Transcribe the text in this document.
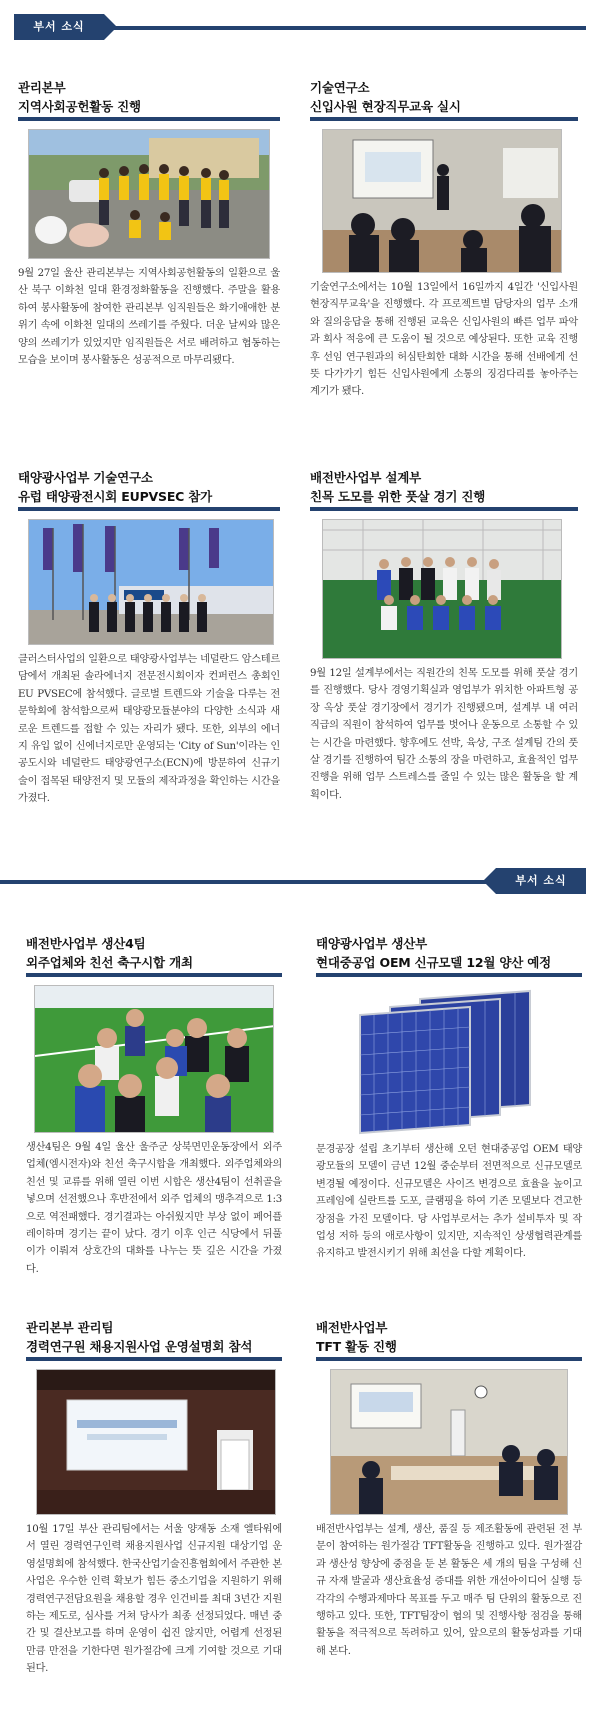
부서 소식
관리본부
지역사회공헌활동 진행

9월 27일 울산 관리본부는 지역사회공헌활동의 일환으로 울산 북구 이화천 일대 환경정화활동을 진행했다. 주말을 활용하여 봉사활동에 참여한 관리본부 임직원들은 화기애애한 분위기 속에 이화천 일대의 쓰레기를 주웠다. 더운 날씨와 많은 양의 쓰레기가 있었지만 임직원들은 서로 배려하고 협동하는 모습을 보이며 봉사활동은 성공적으로 마무리됐다.

기술연구소
신입사원 현장직무교육 실시

기술연구소에서는 10월 13일에서 16일까지 4일간 '신입사원 현장직무교육'을 진행했다. 각 프로젝트별 담당자의 업무 소개와 질의응답을 통해 진행된 교육은 신입사원의 빠른 업무 파악과 회사 적응에 큰 도움이 될 것으로 예상된다. 또한 교육 진행 후 선임 연구원과의 허심탄회한 대화 시간을 통해 선배에게 선뜻 다가가기 힘든 신입사원에게 소통의 징검다리를 놓아주는 계기가 됐다.

태양광사업부 기술연구소
유럽 태양광전시회 EUPVSEC 참가

클러스터사업의 일환으로 태양광사업부는 네덜란드 암스테르담에서 개최된 솔라에너지 전문전시회이자 컨퍼런스 총회인 EU PVSEC에 참석했다. 글로벌 트렌드와 기술을 다루는 전문학회에 참석함으로써 태양광모듈분야의 다양한 소식과 새로운 트렌드를 접할 수 있는 자리가 됐다. 또한, 외부의 에너지 유입 없이 신에너지로만 운영되는 'City of Sun'이라는 인공도시와 네덜란드 태양광연구소(ECN)에 방문하여 신규기술이 접목된 태양전지 및 모듈의 제작과정을 확인하는 시간을 가졌다.

배전반사업부 설계부
친목 도모를 위한 풋살 경기 진행

9월 12일 설계부에서는 직원간의 친목 도모를 위해 풋살 경기를 진행했다. 당사 경영기획실과 영업부가 위치한 아파트형 공장 옥상 풋살 경기장에서 경기가 진행됐으며, 설계부 내 여러 직급의 직원이 참석하여 업무를 벗어나 운동으로 소통할 수 있는 시간을 마련했다. 향후에도 선박, 육상, 구조 설계팀 간의 풋살 경기를 진행하여 팀간 소통의 장을 마련하고, 효율적인 업무진행을 위해 업무 스트레스를 줄일 수 있는 많은 활동을 할 계획이다.

부서 소식
배전반사업부 생산4팀
외주업체와 친선 축구시합 개최

생산4팀은 9월 4일 울산 울주군 상북면민운동장에서 외주업체(엠시전자)와 친선 축구시합을 개최했다. 외주업체와의 친선 및 교류를 위해 열린 이번 시합은 생산4팀이 선취골을 넣으며 선전했으나 후반전에서 외주 업체의 맹추격으로 1:3으로 역전패했다. 경기결과는 아쉬웠지만 부상 없이 페어플레이하며 경기는 끝이 났다. 경기 이후 인근 식당에서 뒤풀이가 이뤄져 상호간의 대화를 나누는 뜻 깊은 시간을 가졌다.

태양광사업부 생산부
현대중공업 OEM 신규모델 12월 양산 예정

문경공장 설립 초기부터 생산해 오던 현대중공업 OEM 태양광모듈의 모델이 금년 12월 중순부터 전면적으로 신규모델로 변경될 예정이다. 신규모델은 사이즈 변경으로 효율을 높이고 프레임에 실란트를 도포, 클램핑을 하여 기존 모델보다 견고한 장점을 가진 모델이다. 당 사업부로서는 추가 설비투자 및 작업성 저하 등의 애로사항이 있지만, 지속적인 상생협력관계를 유지하고 발전시키기 위해 최선을 다할 계획이다.

관리본부 관리팀
경력연구원 채용지원사업 운영설명회 참석

10월 17일 부산 관리팀에서는 서울 양재동 소재 엘타워에서 열린 경력연구인력 채용지원사업 신규지원 대상기업 운영설명회에 참석했다. 한국산업기술진흥협회에서 주관한 본 사업은 우수한 인력 확보가 힘든 중소기업을 지원하기 위해 경력연구전담요원을 채용할 경우 인건비를 최대 3년간 지원하는 제도로, 심사를 거쳐 당사가 최종 선정되었다. 매년 중간 및 결산보고를 하며 운영이 쉽진 않지만, 어렵게 선정된 만큼 만전을 기한다면 원가절감에 크게 기여할 것으로 기대된다.

배전반사업부
TFT 활동 진행

배전반사업부는 설계, 생산, 품질 등 제조활동에 관련된 전 부문이 참여하는 원가절감 TFT활동을 진행하고 있다. 원가절감과 생산성 향상에 중점을 둔 본 활동은 세 개의 팀을 구성해 신규 자재 발굴과 생산효율성 증대를 위한 개선아이디어 실행 등 각각의 수행과제마다 목표를 두고 매주 팀 단위의 활동으로 진행하고 있다. 또한, TFT팀장이 협의 및 진행사항 점검을 통해 활동을 적극적으로 독려하고 있어, 앞으로의 활동성과를 기대해 본다.
